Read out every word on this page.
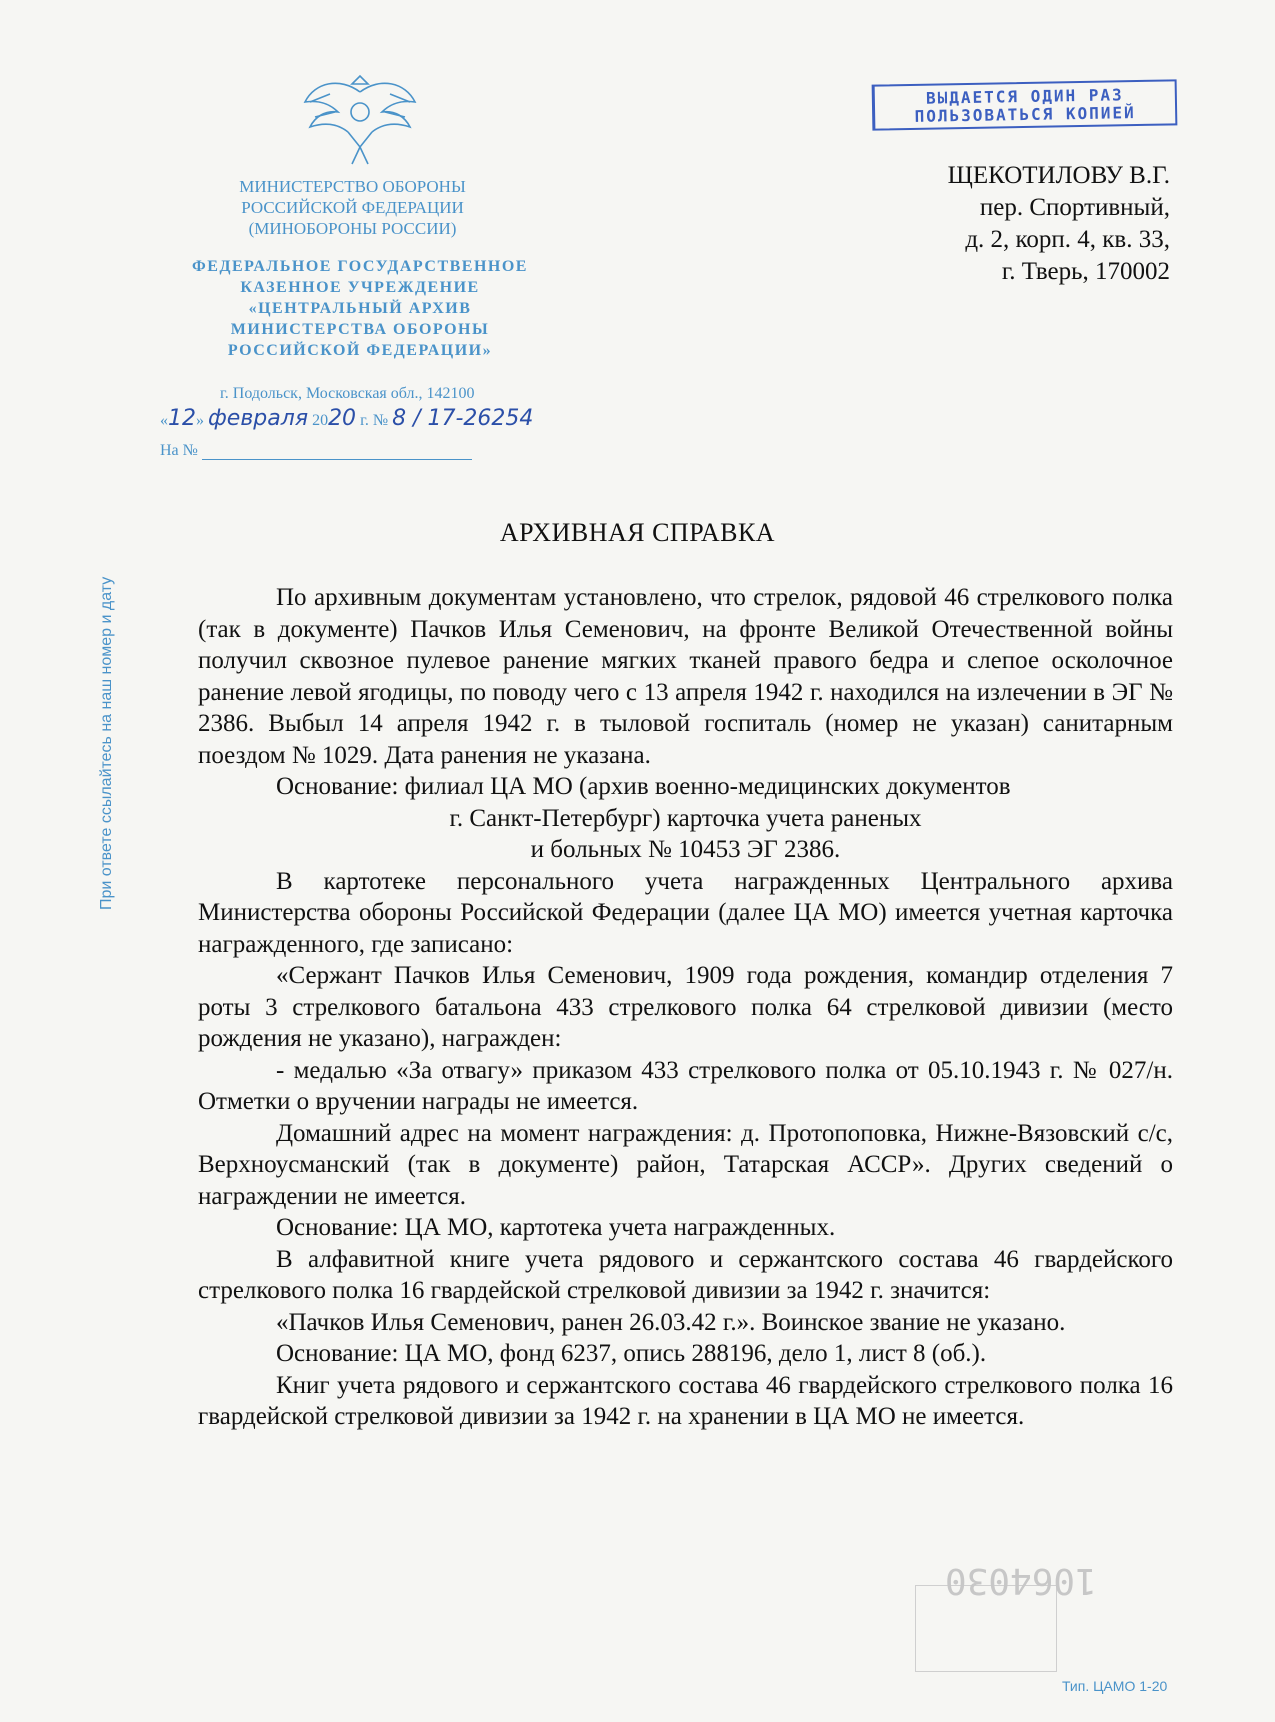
МИНИСТЕРСТВО ОБОРОНЫ
РОССИЙСКОЙ ФЕДЕРАЦИИ
(МИНОБОРОНЫ РОССИИ)
ФЕДЕРАЛЬНОЕ ГОСУДАРСТВЕННОЕ
КАЗЕННОЕ УЧРЕЖДЕНИЕ
«ЦЕНТРАЛЬНЫЙ АРХИВ
МИНИСТЕРСТВА ОБОРОНЫ
РОССИЙСКОЙ ФЕДЕРАЦИИ»
г. Подольск, Московская обл., 142100
«12» февраля 2020 г. № 8 / 17-26254
На №
При ответе ссылайтесь на наш номер и дату
ВЫДАЕТСЯ ОДИН РАЗ
ПОЛЬЗОВАТЬСЯ КОПИЕЙ
ЩЕКОТИЛОВУ В.Г.
пер. Спортивный,
д. 2, корп. 4, кв. 33,
г. Тверь, 170002
АРХИВНАЯ СПРАВКА

По архивным документам установлено, что стрелок, рядовой 46 стрелкового полка (так в документе) Пачков Илья Семенович, на фронте Великой Отечественной войны получил сквозное пулевое ранение мягких тканей правого бедра и слепое осколочное ранение левой ягодицы, по поводу чего с 13 апреля 1942 г. находился на излечении в ЭГ № 2386. Выбыл 14 апреля 1942 г. в тыловой госпиталь (номер не указан) санитарным поездом № 1029. Дата ранения не указана.

Основание: филиал ЦА МО (архив военно-медицинских документов

г. Санкт-Петербург) карточка учета раненых

и больных № 10453 ЭГ 2386.

В картотеке персонального учета награжденных Центрального архива Министерства обороны Российской Федерации (далее ЦА МО) имеется учетная карточка награжденного, где записано:

«Сержант Пачков Илья Семенович, 1909 года рождения, командир отделения 7 роты 3 стрелкового батальона 433 стрелкового полка 64 стрелковой дивизии (место рождения не указано), награжден:

- медалью «За отвагу» приказом 433 стрелкового полка от 05.10.1943 г. № 027/н. Отметки о вручении награды не имеется.

Домашний адрес на момент награждения: д. Протопоповка, Нижне-Вязовский с/с, Верхноусманский (так в документе) район, Татарская АССР». Других сведений о награждении не имеется.

Основание: ЦА МО, картотека учета награжденных.

В алфавитной книге учета рядового и сержантского состава 46 гвардейского стрелкового полка 16 гвардейской стрелковой дивизии за 1942 г. значится:

«Пачков Илья Семенович, ранен 26.03.42 г.». Воинское звание не указано.

Основание: ЦА МО, фонд 6237, опись 288196, дело 1, лист 8 (об.).

Книг учета рядового и сержантского состава 46 гвардейского стрелкового полка 16 гвардейской стрелковой дивизии за 1942 г. на хранении в ЦА МО не имеется.

1064030
Тип. ЦАМО 1-20
